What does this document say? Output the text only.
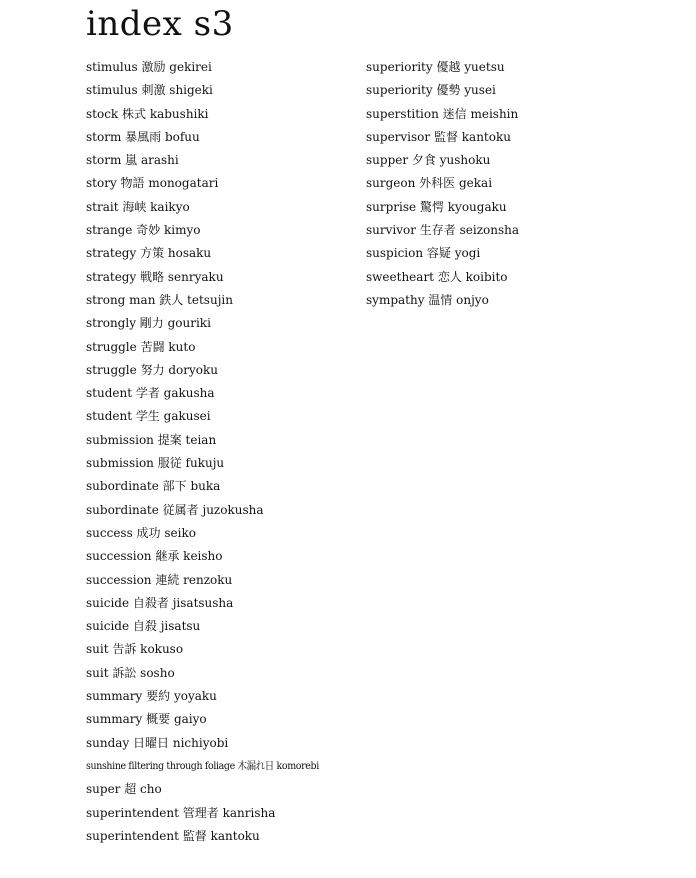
index s3
stimulus 激励 gekirei
stimulus 刺激 shigeki
stock 株式 kabushiki
storm 暴風雨 bofuu
storm 嵐 arashi
story 物語 monogatari
strait 海峡 kaikyo
strange 奇妙 kimyo
strategy 方策 hosaku
strategy 戦略 senryaku
strong man 鉄人 tetsujin
strongly 剛力 gouriki
struggle 苦闘 kuto
struggle 努力 doryoku
student 学者 gakusha
student 学生 gakusei
submission 提案 teian
submission 服従 fukuju
subordinate 部下 buka
subordinate 従属者 juzokusha
success 成功 seiko
succession 継承 keisho
succession 連続 renzoku
suicide 自殺者 jisatsusha
suicide 自殺 jisatsu
suit 告訴 kokuso
suit 訴訟 sosho
summary 要約 yoyaku
summary 概要 gaiyo
sunday 日曜日 nichiyobi
sunshine filtering through foliage 木漏れ日 komorebi
super 超 cho
superintendent 管理者 kanrisha
superintendent 監督 kantoku
superiority 優越 yuetsu
superiority 優勢 yusei
superstition 迷信 meishin
supervisor 監督 kantoku
supper 夕食 yushoku
surgeon 外科医 gekai
surprise 驚愕 kyougaku
survivor 生存者 seizonsha
suspicion 容疑 yogi
sweetheart 恋人 koibito
sympathy 温情 onjyo
